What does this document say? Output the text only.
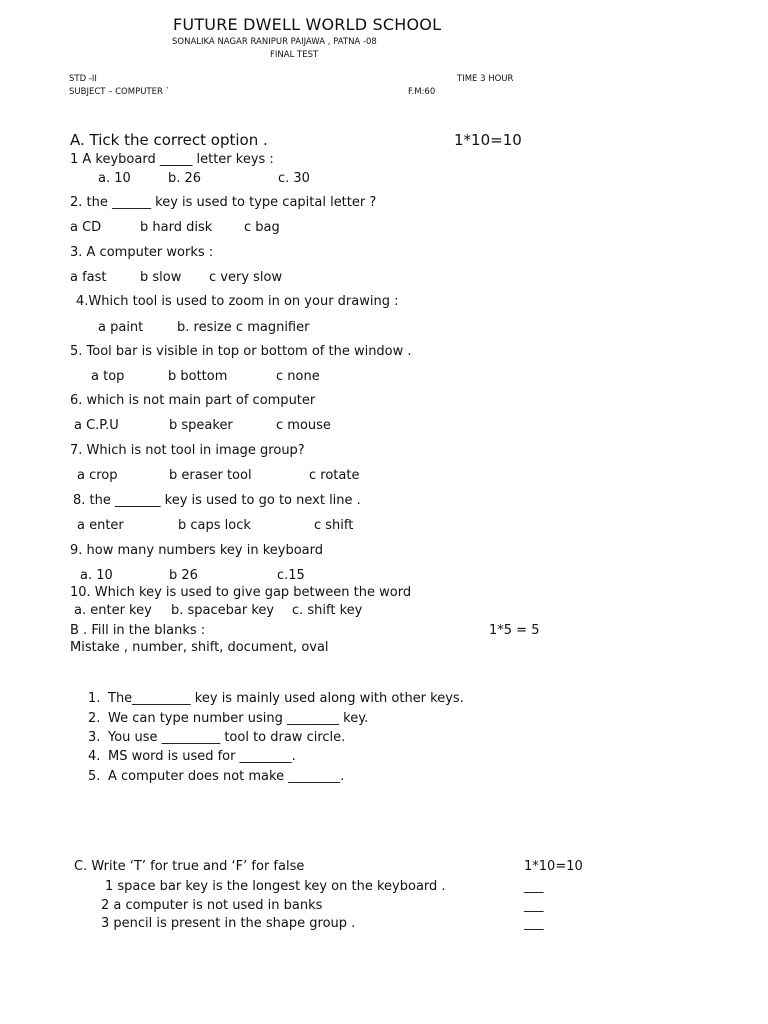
FUTURE DWELL WORLD SCHOOL
SONALIKA NAGAR RANIPUR PAIJAWA , PATNA -08
FINAL TEST
STD -II	TIME 3 HOUR
SUBJECT – COMPUTER `	F.M:60
A. Tick the correct option .	1*10=10
1 A keyboard _____ letter keys :
a. 10	b. 26	c. 30
2. the ______ key is used to type capital letter ?
a CD	b hard disk c bag
3. A computer works :
a fast	b slow c very slow
4.Which tool is used to zoom in on your drawing :
a paint	b. resize c magnifier
5. Tool bar is visible in top or bottom of the window .
a top	b bottom	c none
6. which is not main part of computer
a C.P.U	b speaker	c mouse
7. Which is not tool in image group?
a crop	b eraser tool	c rotate
8. the _______ key is used to go to next line .
a enter	b caps lock	c shift
9. how many numbers key in keyboard
a. 10	b 26	c.15
10. Which key is used to give gap between the word
a. enter key b. spacebar key c. shift key
B . Fill in the blanks :	1*5 = 5
Mistake , number, shift, document, oval
1. The_________ key is mainly used along with other keys.
2. We can type number using ________ key.
3. You use _________ tool to draw circle.
4. MS word is used for ________.
5. A computer does not make ________.
C. Write ‘T’ for true and ‘F’ for false	1*10=10
1 space bar key is the longest key on the keyboard .	___
2 a computer is not used in banks	___
3 pencil is present in the shape group .	___
